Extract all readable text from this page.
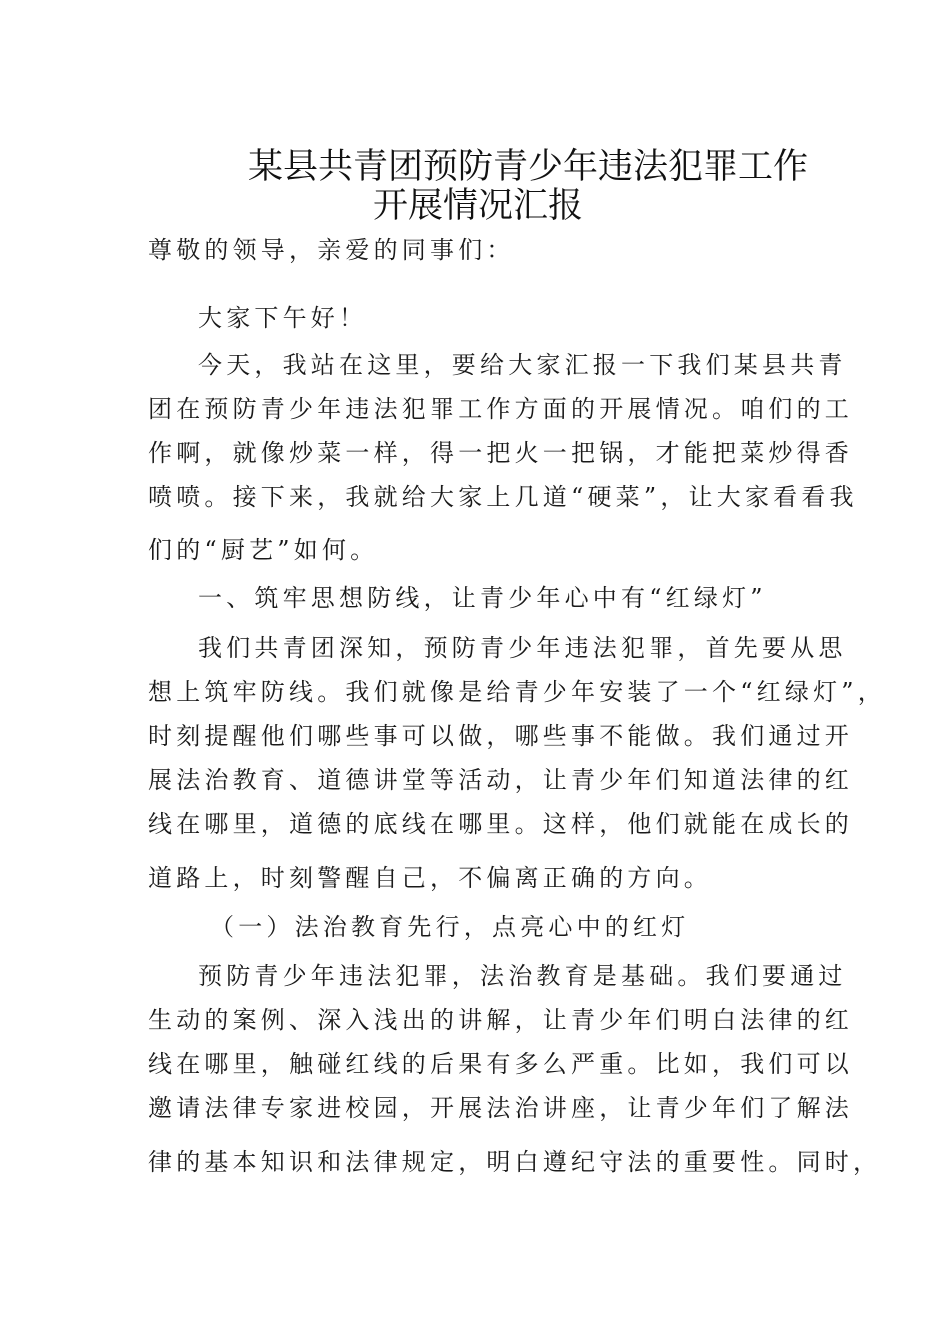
某县共青团预防青少年违法犯罪工作
开展情况汇报
尊敬的领导，亲爱的同事们：
大家下午好！
今天，我站在这里，要给大家汇报一下我们某县共青
团在预防青少年违法犯罪工作方面的开展情况。咱们的工
作啊，就像炒菜一样，得一把火一把锅，才能把菜炒得香
喷喷。接下来，我就给大家上几道“硬菜”，让大家看看我
们的“厨艺”如何。
一、筑牢思想防线，让青少年心中有“红绿灯”
我们共青团深知，预防青少年违法犯罪，首先要从思
想上筑牢防线。我们就像是给青少年安装了一个“红绿灯”，
时刻提醒他们哪些事可以做，哪些事不能做。我们通过开
展法治教育、道德讲堂等活动，让青少年们知道法律的红
线在哪里，道德的底线在哪里。这样，他们就能在成长的
道路上，时刻警醒自己，不偏离正确的方向。
（一）法治教育先行，点亮心中的红灯
预防青少年违法犯罪，法治教育是基础。我们要通过
生动的案例、深入浅出的讲解，让青少年们明白法律的红
线在哪里，触碰红线的后果有多么严重。比如，我们可以
邀请法律专家进校园，开展法治讲座，让青少年们了解法
律的基本知识和法律规定，明白遵纪守法的重要性。同时，
